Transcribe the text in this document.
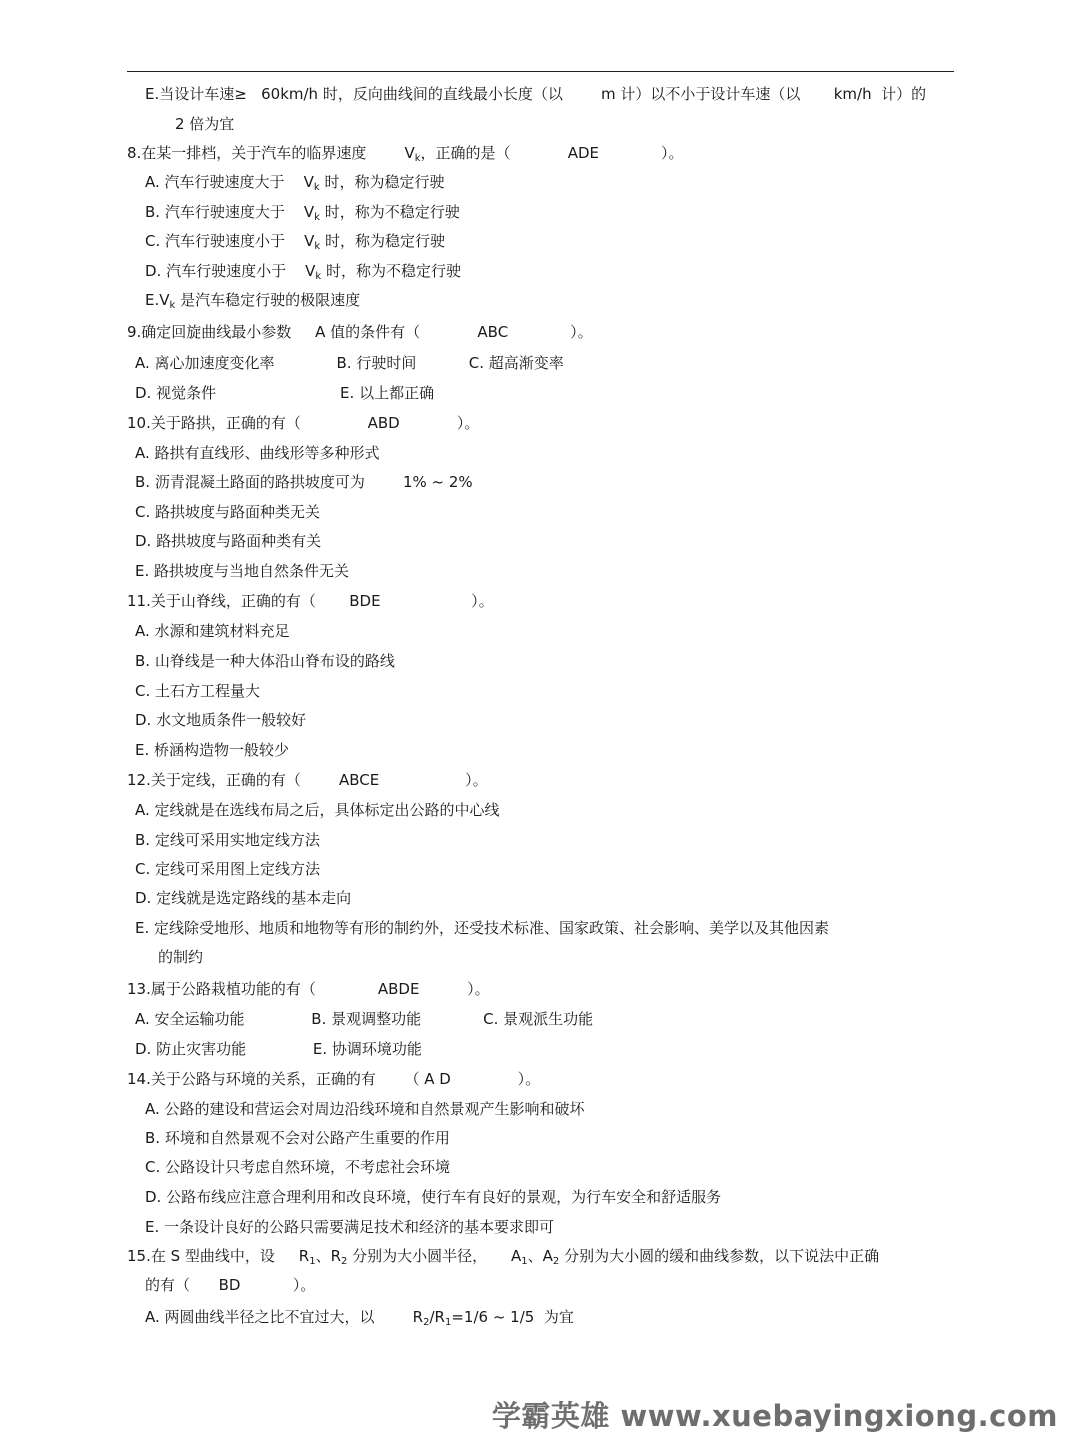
E.当设计车速≥   60km/h 时，反向曲线间的直线最小长度（以        m 计）以不小于设计车速（以       km/h  计）的
2 倍为宜
8.在某一排档，关于汽车的临界速度        $V_k$，正确的是（            ADE             ）。
A. 汽车行驶速度大于    $V_k$ 时，称为稳定行驶
B. 汽车行驶速度大于    $V_k$ 时，称为不稳定行驶
C. 汽车行驶速度小于    $V_k$ 时，称为稳定行驶
D. 汽车行驶速度小于    $V_k$ 时，称为不稳定行驶
$E.V_k$ 是汽车稳定行驶的极限速度
9.确定回旋曲线最小参数     A 值的条件有（            ABC             ）。
A. 离心加速度变化率             B. 行驶时间           C. 超高渐变率
D. 视觉条件                          E. 以上都正确
10.关于路拱，正确的有（              ABD            ）。
A. 路拱有直线形、曲线形等多种形式
B. 沥青混凝土路面的路拱坡度可为        1% ~ 2%
C. 路拱坡度与路面种类无关
D. 路拱坡度与路面种类有关
E. 路拱坡度与当地自然条件无关
11.关于山脊线，正确的有（       BDE                   ）。
A. 水源和建筑材料充足
B. 山脊线是一种大体沿山脊布设的路线
C. 土石方工程量大
D. 水文地质条件一般较好
E. 桥涵构造物一般较少
12.关于定线，正确的有（        ABCE                  ）。
A. 定线就是在选线布局之后，具体标定出公路的中心线
B. 定线可采用实地定线方法
C. 定线可采用图上定线方法
D. 定线就是选定路线的基本走向
E. 定线除受地形、地质和地物等有形的制约外，还受技术标准、国家政策、社会影响、美学以及其他因素
的制约
13.属于公路栽植功能的有（             ABDE          ）。
A. 安全运输功能              B. 景观调整功能             C. 景观派生功能
D. 防止灾害功能              E. 协调环境功能
14.关于公路与环境的关系，正确的有      （ A D              ）。
A. 公路的建设和营运会对周边沿线环境和自然景观产生影响和破坏
B. 环境和自然景观不会对公路产生重要的作用
C. 公路设计只考虑自然环境，不考虑社会环境
D. 公路布线应注意合理利用和改良环境，使行车有良好的景观，为行车安全和舒适服务
E. 一条设计良好的公路只需要满足技术和经济的基本要求即可
15.在 S 型曲线中，设     $R_1$、$R_2$ 分别为大小圆半径，     $A_1$、$A_2$ 分别为大小圆的缓和曲线参数，以下说法中正确
的有（      BD           ）。
A. 两圆曲线半径之比不宜过大，以        $R_2/R_1=1/6$ ~ 1/5  为宜
学霸英雄 www.xuebayingxiong.com
